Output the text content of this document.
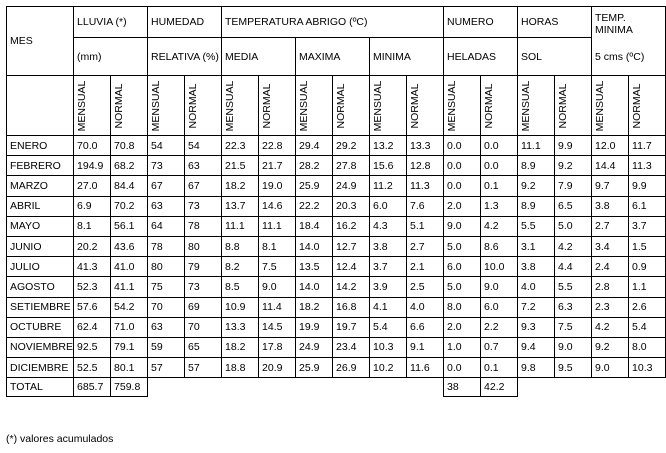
MES	LLUVIA (*)		HUMEDAD		TEMPERATURA ABRIGO (ºC)						NUMERO		HORAS		TEMP. MINIMA
5 cms (ºC)	

	(mm)		RELATIVA (%)		MEDIA		MAXIMA		MINIMA		HELADAS		SOL			

	MENSUAL	NORMAL	MENSUAL	NORMAL	MENSUAL	NORMAL	MENSUAL	NORMAL	MENSUAL	NORMAL	MENSUAL	NORMAL	MENSUAL	NORMAL	MENSUAL	NORMAL

ENERO	70.0	70.8	54	54	22.3	22.8	29.4	29.2	13.2	13.3	0.0	0.0	11.1	9.9	12.0	11.7
FEBRERO	194.9	68.2	73	63	21.5	21.7	28.2	27.8	15.6	12.8	0.0	0.0	8.9	9.2	14.4	11.3
MARZO	27.0	84.4	67	67	18.2	19.0	25.9	24.9	11.2	11.3	0.0	0.1	9.2	7.9	9.7	9.9
ABRIL	6.9	70.2	63	73	13.7	14.6	22.2	20.3	6.0	7.6	2.0	1.3	8.9	6.5	3.8	6.1
MAYO	8.1	56.1	64	78	11.1	11.1	18.4	16.2	4.3	5.1	9.0	4.2	5.5	5.0	2.7	3.7
JUNIO	20.2	43.6	78	80	8.8	8.1	14.0	12.7	3.8	2.7	5.0	8.6	3.1	4.2	3.4	1.5
JULIO	41.3	41.0	80	79	8.2	7.5	13.5	12.4	3.7	2.1	6.0	10.0	3.8	4.4	2.4	0.9
AGOSTO	52.3	41.1	75	73	8.5	9.0	14.0	14.2	3.9	2.5	5.0	9.0	4.0	5.5	2.8	1.1
SETIEMBRE	57.6	54.2	70	69	10.9	11.4	18.2	16.8	4.1	4.0	8.0	6.0	7.2	6.3	2.3	2.6
OCTUBRE	62.4	71.0	63	70	13.3	14.5	19.9	19.7	5.4	6.6	2.0	2.2	9.3	7.5	4.2	5.4
NOVIEMBRE	92.5	79.1	59	65	18.2	17.8	24.9	23.4	10.3	9.1	1.0	0.7	9.4	9.0	9.2	8.0
DICIEMBRE	52.5	80.1	57	57	18.8	20.9	25.9	26.9	10.2	11.6	0.0	0.1	9.8	9.5	9.0	10.3
TOTAL	685.7	759.8									38	42.2				
(*) valores acumulados
